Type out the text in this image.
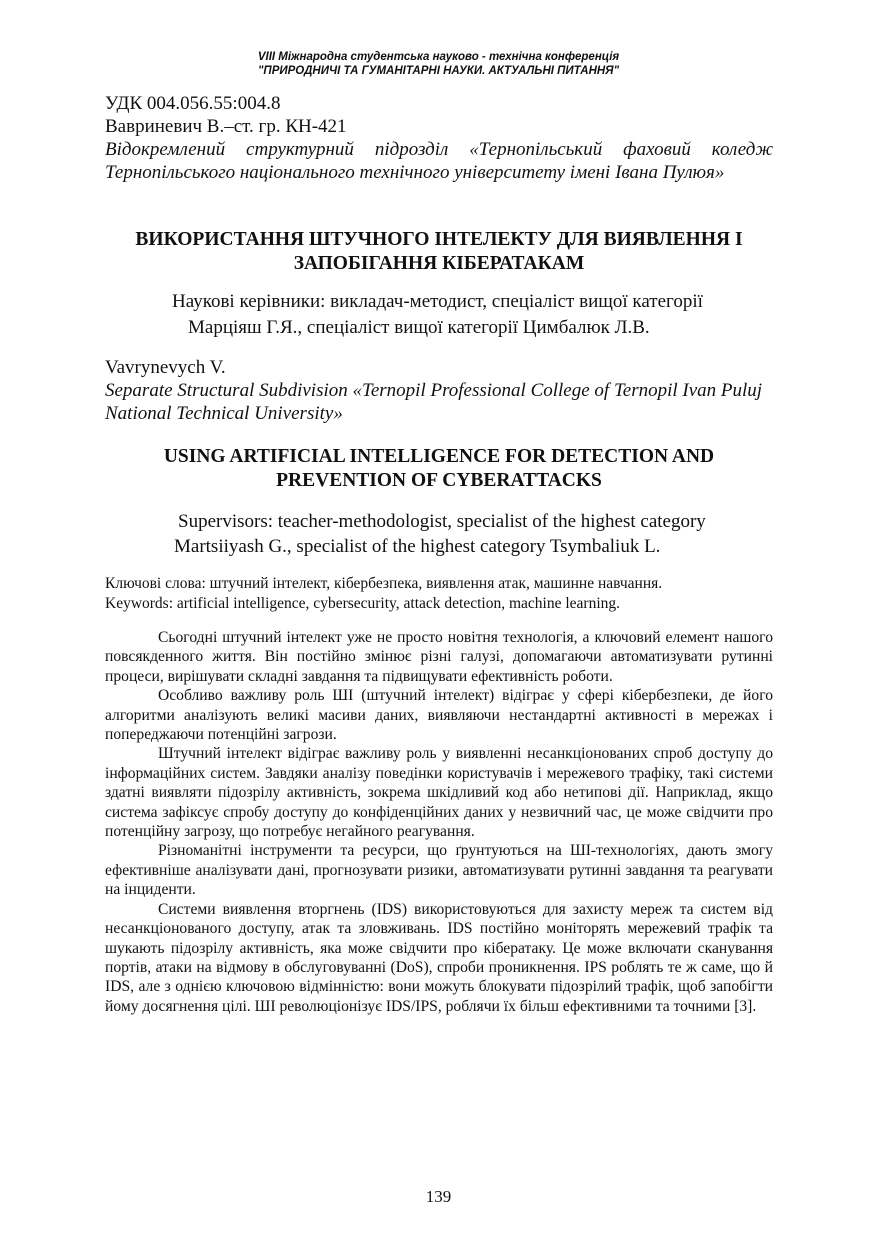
VIII Міжнародна студентська науково - технічна конференція
"ПРИРОДНИЧІ ТА ГУМАНІТАРНІ НАУКИ. АКТУАЛЬНІ ПИТАННЯ"
УДК 004.056.55:004.8
Вавриневич В.–ст. гр. КН-421
Відокремлений структурний підрозділ «Тернопільський фаховий коледж Тернопільського національного технічного університету імені Івана Пулюя»
ВИКОРИСТАННЯ ШТУЧНОГО ІНТЕЛЕКТУ ДЛЯ ВИЯВЛЕННЯ І ЗАПОБІГАННЯ КІБЕРАТАКАМ
Наукові керівники: викладач-методист, спеціаліст вищої категорії
Марціяш Г.Я., спеціаліст вищої категорії Цимбалюк Л.В.
Vavrynevych V.
Separate Structural Subdivision «Ternopil Professional College of Ternopil Ivan Puluj National Technical University»
USING ARTIFICIAL INTELLIGENCE FOR DETECTION AND PREVENTION OF CYBERATTACKS
Supervisors: teacher-methodologist, specialist of the highest category
Martsiiyash G., specialist of the highest category Tsymbaliuk L.
Ключові слова: штучний інтелект, кібербезпека, виявлення атак, машинне навчання.
Keywords: artificial intelligence, cybersecurity, attack detection, machine learning.

Сьогодні штучний інтелект уже не просто новітня технологія, а ключовий елемент нашого повсякденного життя. Він постійно змінює різні галузі, допомагаючи автоматизувати рутинні процеси, вирішувати складні завдання та підвищувати ефективність роботи.

Особливо важливу роль ШІ (штучний інтелект) відіграє у сфері кібербезпеки, де його алгоритми аналізують великі масиви даних, виявляючи нестандартні активності в мережах і попереджаючи потенційні загрози.

Штучний інтелект відіграє важливу роль у виявленні несанкціонованих спроб доступу до інформаційних систем. Завдяки аналізу поведінки користувачів і мережевого трафіку, такі системи здатні виявляти підозрілу активність, зокрема шкідливий код або нетипові дії. Наприклад, якщо система зафіксує спробу доступу до конфіденційних даних у незвичний час, це може свідчити про потенційну загрозу, що потребує негайного реагування.

Різноманітні інструменти та ресурси, що ґрунтуються на ШІ-технологіях, дають змогу ефективніше аналізувати дані, прогнозувати ризики, автоматизувати рутинні завдання та реагувати на інциденти.

Системи виявлення вторгнень (IDS) використовуються для захисту мереж та систем від несанкціонованого доступу, атак та зловживань. IDS постійно моніторять мережевий трафік та шукають підозрілу активність, яка може свідчити про кібератаку. Це може включати сканування портів, атаки на відмову в обслуговуванні (DoS), спроби проникнення. IPS роблять те ж саме, що й IDS, але з однією ключовою відмінністю: вони можуть блокувати підозрілий трафік, щоб запобігти йому досягнення цілі. ШІ революціонізує IDS/IPS, роблячи їх більш ефективними та точними [3].

139
